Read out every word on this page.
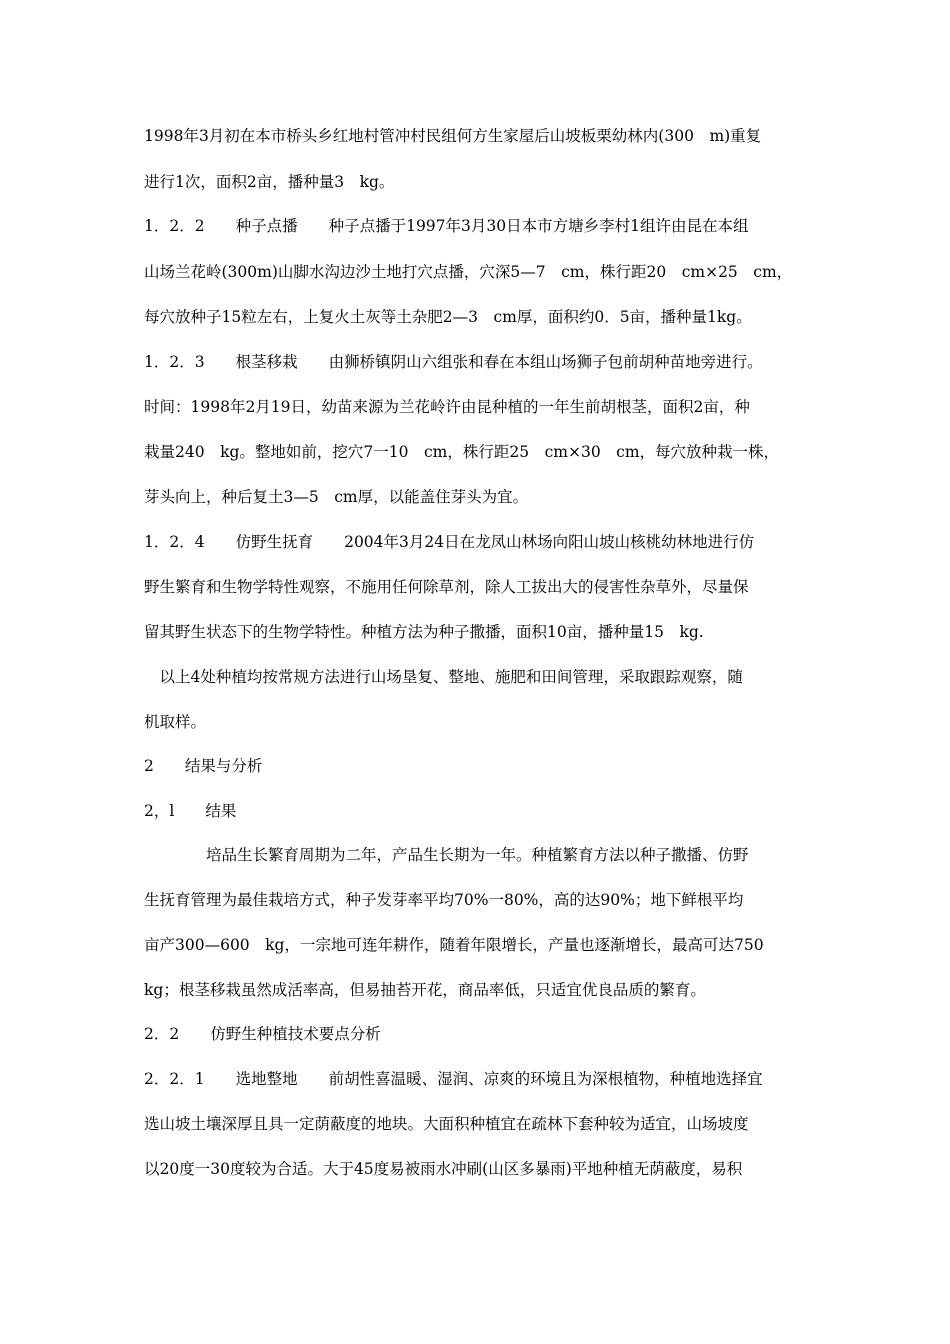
1998年3月初在本市桥头乡红地村管冲村民组何方生家屋后山坡板栗幼林内(300　m)重复
进行1次，面积2亩，播种量3　kg。
1．2．2　　种子点播　　种子点播于1997年3月30日本市方塘乡李村1组许由昆在本组
山场兰花岭(300m)山脚水沟边沙土地打穴点播，穴深5—7　cm，株行距20　cm×25　cm，
每穴放种子15粒左右，上复火土灰等土杂肥2—3　cm厚，面积约0．5亩，播种量1kg。
1．2．3　　根茎移栽　　由狮桥镇阴山六组张和春在本组山场狮子包前胡种苗地旁进行。
时间：1998年2月19日，幼苗来源为兰花岭许由昆种植的一年生前胡根茎，面积2亩，种
栽量240　kg。整地如前，挖穴7一10　cm，株行距25　cm×30　cm，每穴放种栽一株，
芽头向上，种后复土3—5　cm厚，以能盖住芽头为宜。
1．2．4　　仿野生抚育　　2004年3月24日在龙凤山林场向阳山坡山核桃幼林地进行仿
野生繁育和生物学特性观察，不施用任何除草剂，除人工拔出大的侵害性杂草外，尽量保
留其野生状态下的生物学特性。种植方法为种子撒播，面积10亩，播种量15　kg.
　以上4处种植均按常规方法进行山场垦复、整地、施肥和田间管理，采取跟踪观察，随
机取样。
2　　结果与分析
2，l　　结果
　　　　培品生长繁育周期为二年，产品生长期为一年。种植繁育方法以种子撒播、仿野
生抚育管理为最佳栽培方式，种子发芽率平均70%一80%，高的达90%；地下鲜根平均
亩产300—600　kg，一宗地可连年耕作，随着年限增长，产量也逐渐增长，最高可达750
kg；根茎移栽虽然成活率高，但易抽苔开花，商品率低，只适宜优良品质的繁育。
2．2　　仿野生种植技术要点分析
2．2．1　　选地整地　　前胡性喜温暖、湿润、凉爽的环境且为深根植物，种植地选择宜
选山坡土壤深厚且具一定荫蔽度的地块。大面积种植宜在疏林下套种较为适宜，山场坡度
以20度一30度较为合适。大于45度易被雨水冲刷(山区多暴雨)平地种植无荫蔽度，易积
